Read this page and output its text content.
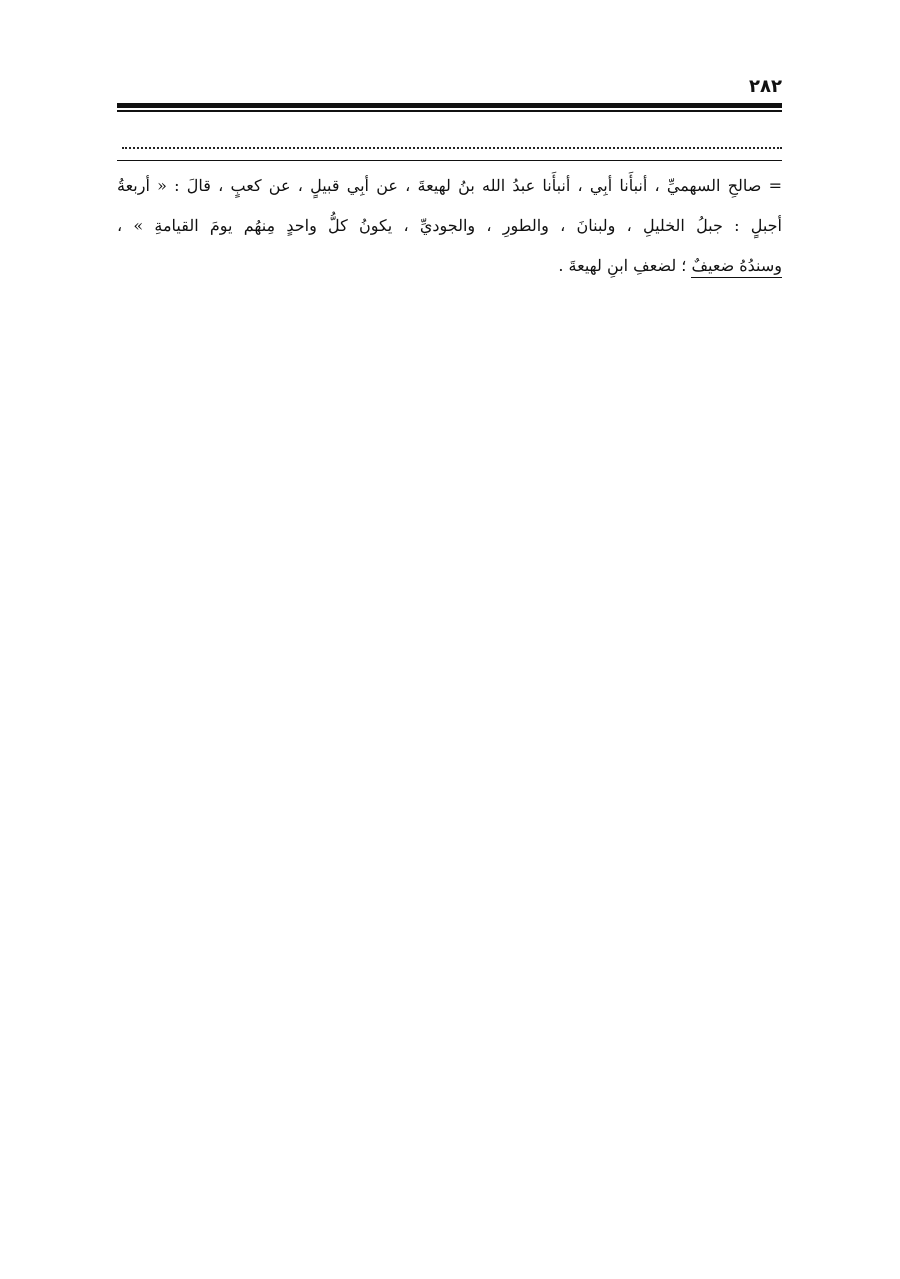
٢٨٢
= صالحِ السهميِّ ، أنبأَنا أبِي ، أنبأَنا عبدُ الله بنُ لهيعةَ ، عن أبِي قبيلٍ ، عن كعبٍ ، قالَ : « أربعةُ
أجبلٍ : جبلُ الخليلِ ، ولبنانَ ، والطورِ ، والجوديِّ ، يكونُ كلُّ واحدٍ مِنهُم يومَ القيامةِ » ،
وسندُهُ ضعيفٌ ؛ لضعفِ ابنِ لهيعةَ .
